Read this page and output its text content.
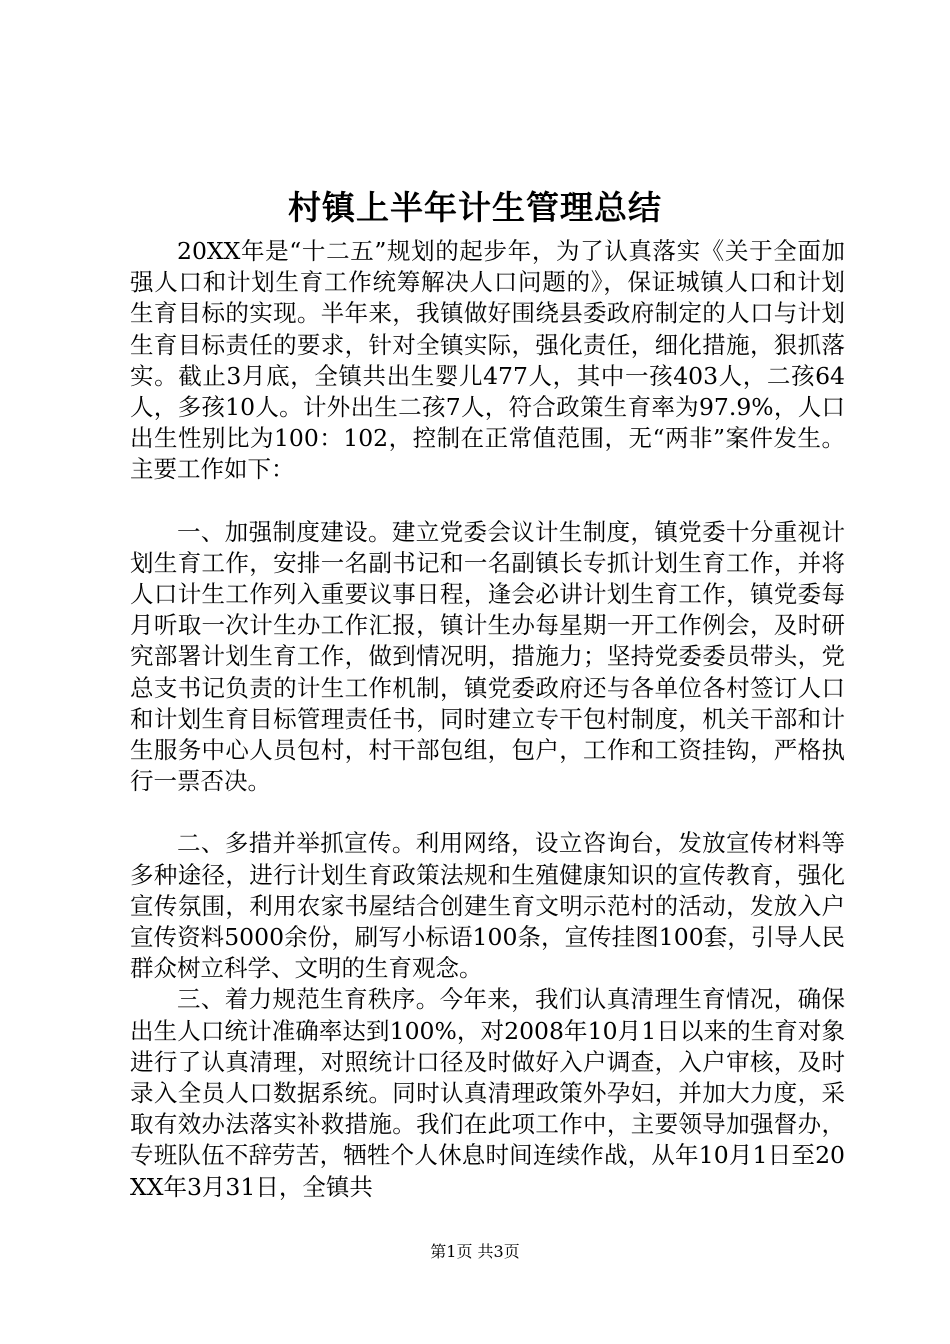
村镇上半年计生管理总结

20XX年是“十二五”规划的起步年，为了认真落实《关于全面加强人口和计划生育工作统筹解决人口问题的》，保证城镇人口和计划生育目标的实现。半年来，我镇做好围绕县委政府制定的人口与计划生育目标责任的要求，针对全镇实际，强化责任，细化措施，狠抓落实。截止3月底，全镇共出生婴儿477人，其中一孩403人，二孩64人，多孩10人。计外出生二孩7人，符合政策生育率为97.9%，人口出生性别比为100：102，控制在正常值范围，无“两非”案件发生。主要工作如下：

一、加强制度建设。建立党委会议计生制度，镇党委十分重视计划生育工作，安排一名副书记和一名副镇长专抓计划生育工作，并将人口计生工作列入重要议事日程，逢会必讲计划生育工作，镇党委每月听取一次计生办工作汇报，镇计生办每星期一开工作例会，及时研究部署计划生育工作，做到情况明，措施力；坚持党委委员带头，党总支书记负责的计生工作机制，镇党委政府还与各单位各村签订人口和计划生育目标管理责任书，同时建立专干包村制度，机关干部和计生服务中心人员包村，村干部包组，包户，工作和工资挂钩，严格执行一票否决。

二、多措并举抓宣传。利用网络，设立咨询台，发放宣传材料等多种途径，进行计划生育政策法规和生殖健康知识的宣传教育，强化宣传氛围，利用农家书屋结合创建生育文明示范村的活动，发放入户宣传资料5000余份，刷写小标语100条，宣传挂图100套，引导人民群众树立科学、文明的生育观念。

三、着力规范生育秩序。今年来，我们认真清理生育情况，确保出生人口统计准确率达到100%，对2008年10月1日以来的生育对象进行了认真清理，对照统计口径及时做好入户调查，入户审核，及时录入全员人口数据系统。同时认真清理政策外孕妇，并加大力度，采取有效办法落实补救措施。我们在此项工作中，主要领导加强督办，专班队伍不辞劳苦，牺牲个人休息时间连续作战，从年10月1日至20XX年3月31日，全镇共

第1页 共3页
